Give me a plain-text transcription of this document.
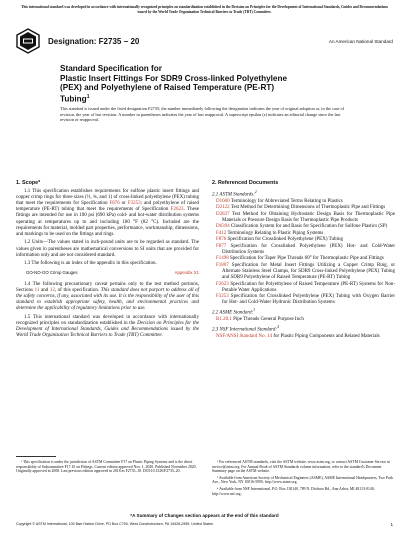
This international standard was developed in accordance with internationally recognized principles on standardization established in the Decision on Principles for the Development of International Standards, Guides and Recommendations issued by the World Trade Organization Technical Barriers to Trade (TBT) Committee.
Designation: F2735 − 20	An American National Standard
Standard Specification for
Plastic Insert Fittings For SDR9 Cross-linked Polyethylene
(PEX) and Polyethylene of Raised Temperature (PE-RT)
Tubing$^1$
This standard is issued under the fixed designation F2735; the number immediately following the designation indicates the year of original adoption or, in the case of revision, the year of last revision. A number in parentheses indicates the year of last reapproval. A superscript epsilon (ε) indicates an editorial change since the last revision or reapproval.
1. Scope*

1.1 This specification establishes requirements for sulfone plastic insert fittings and copper crimp rings for three sizes (½, ¾, and 1) of cross-linked polyethylene (PEX) tubing that meet the requirements for Specification F876 or F3253; and polyethylene of raised temperature (PE-RT) tubing that meet the requirements of Specification F2623. These fittings are intended for use in 100 psi (690 kPa) cold- and hot-water distribution systems operating at temperatures up to and including 180 °F (82 °C). Included are the requirements for material, molded part properties, performance, workmanship, dimensions, and markings to be used on the fittings and rings.

1.2 Units—The values stated in inch-pound units are to be regarded as standard. The values given in parentheses are mathematical conversions to SI units that are provided for information only and are not considered standard.

1.3 The following is an index of the appendix in this specification.

GO-NO-GO Crimp Gauges	Appendix X1

1.4 The following precautionary caveat pertains only to the test method portions, Sections 11 and 12, of this specification. This standard does not purport to address all of the safety concerns, if any, associated with its use. It is the responsibility of the user of this standard to establish appropriate safety, health, and environmental practices and determine the applicability of regulatory limitations prior to use.

1.5 This international standard was developed in accordance with internationally recognized principles on standardization established in the Decision on Principles for the Development of International Standards, Guides and Recommendations issued by the World Trade Organization Technical Barriers to Trade (TBT) Committee.

2. Referenced Documents
2.1 ASTM Standards:$^2$
D1600 Terminology for Abbreviated Terms Relating to Plastics
D2122 Test Method for Determining Dimensions of Thermoplastic Pipe and Fittings
D2837 Test Method for Obtaining Hydrostatic Design Basis for Thermoplastic Pipe Materials or Pressure Design Basis for Thermoplastic Pipe Products
D6394 Classification System for and Basis for Specification for Sulfone Plastics (SP)
F412 Terminology Relating to Plastic Piping Systems
F876 Specification for Crosslinked Polyethylene (PEX) Tubing
F877 Specification for Crosslinked Polyethylene (PEX) Hot- and Cold-Water Distribution Systems
F1498 Specification for Taper Pipe Threads 60° for Thermoplastic Pipe and Fittings
F1807 Specification for Metal Insert Fittings Utilizing a Copper Crimp Ring, or Alternate Stainless Steel Clamps, for SDR9 Cross-linked Polyethylene (PEX) Tubing and SDR9 Polyethylene of Raised Temperature (PE-RT) Tubing
F2623 Specification for Polyethylene of Raised Temperature (PE-RT) Systems for Non-Potable Water Applications
F3253 Specification for Crosslinked Polyethylene (PEX) Tubing with Oxygen Barrier for Hot- and Cold-Water Hydronic Distribution Systems
2.2 ASME Standard:$^3$
B1.20.1 Pipe Threads General Purpose Inch
2.3 NSF International Standard:$^4$
NSF/ANSI Standard No. 14 for Plastic Piping Components and Related Materials

¹ This specification is under the jurisdiction of ASTM Committee F17 on Plastic Piping Systems and is the direct responsibility of Subcommittee F17.10 on Fittings. Current edition approved Nov. 1, 2020. Published November 2020. Originally approved in 2008. Last previous edition approved in 2018 as F2735–18. DOI:10.1520/F2735–20.

² For referenced ASTM standards, visit the ASTM website, www.astm.org, or contact ASTM Customer Service at service@astm.org. For Annual Book of ASTM Standards volume information, refer to the standard's Document Summary page on the ASTM website.

³ Available from American Society of Mechanical Engineers (ASME), ASME International Headquarters, Two Park Ave., New York, NY 10016-5990, http://www.asme.org.

⁴ Available from NSF International, P.O. Box 130140, 789 N. Dixboro Rd., Ann Arbor, MI 48113-0140, http://www.nsf.org.

*A Summary of Changes section appears at the end of this standard
Copyright © ASTM International, 100 Barr Harbor Drive, PO Box C700, West Conshohocken, PA 19428-2959. United States	1
